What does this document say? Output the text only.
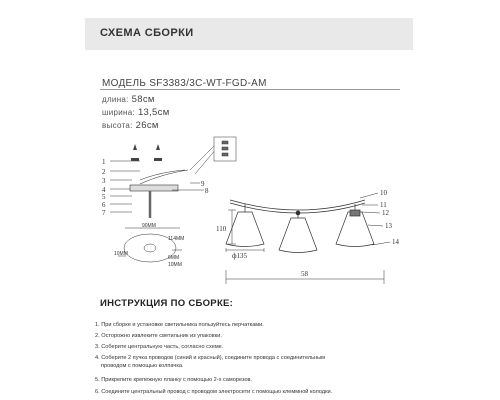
СХЕМА СБОРКИ
МОДЕЛЬ SF3383/3C-WT-FGD-AM
длина: 58см
ширина: 13,5см
высота: 26см
1
2
3
4
5
6
7
9
8
90ММ
114ММ
10ММ
6ММ
10ММ
10
11
12
13
14
110
ф135
58
ИНСТРУКЦИЯ ПО СБОРКЕ:
1. При сборке и установке светильника пользуйтесь перчатками.
2. Осторожно извлеките светильник из упаковки.
3. Соберите центральную часть, согласно схеме.
4. Соберите 2 пучка проводов (синий и красный), соедините провода с соединительным
проводом с помощью колпачка.
5. Прикрепите крепежную планку с помощью 2-х саморезов.
6. Соедините центральный провод с проводом электросети с помощью клеммной колодки.
